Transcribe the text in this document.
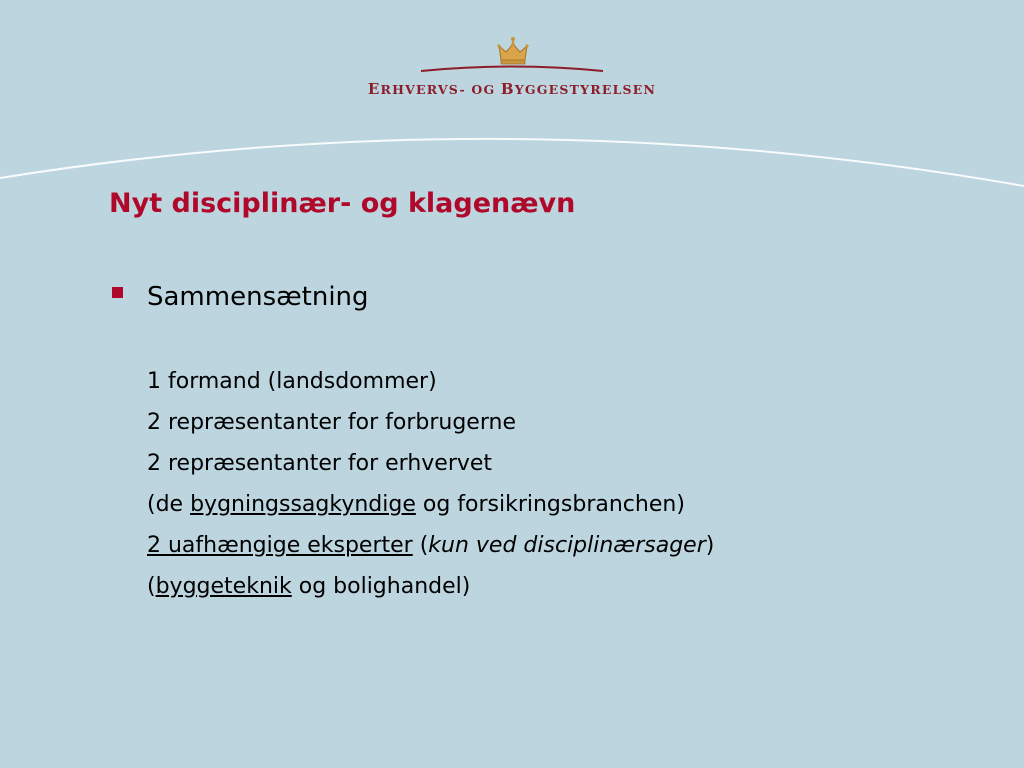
ERHVERVS- OG BYGGESTYRELSEN
Nyt disciplinær- og klagenævn
Sammensætning
1 formand (landsdommer)
2 repræsentanter for forbrugerne
2 repræsentanter for erhvervet
(de bygningssagkyndige og forsikringsbranchen)
2 uafhængige eksperter (kun ved disciplinærsager)
(byggeteknik og bolighandel)
